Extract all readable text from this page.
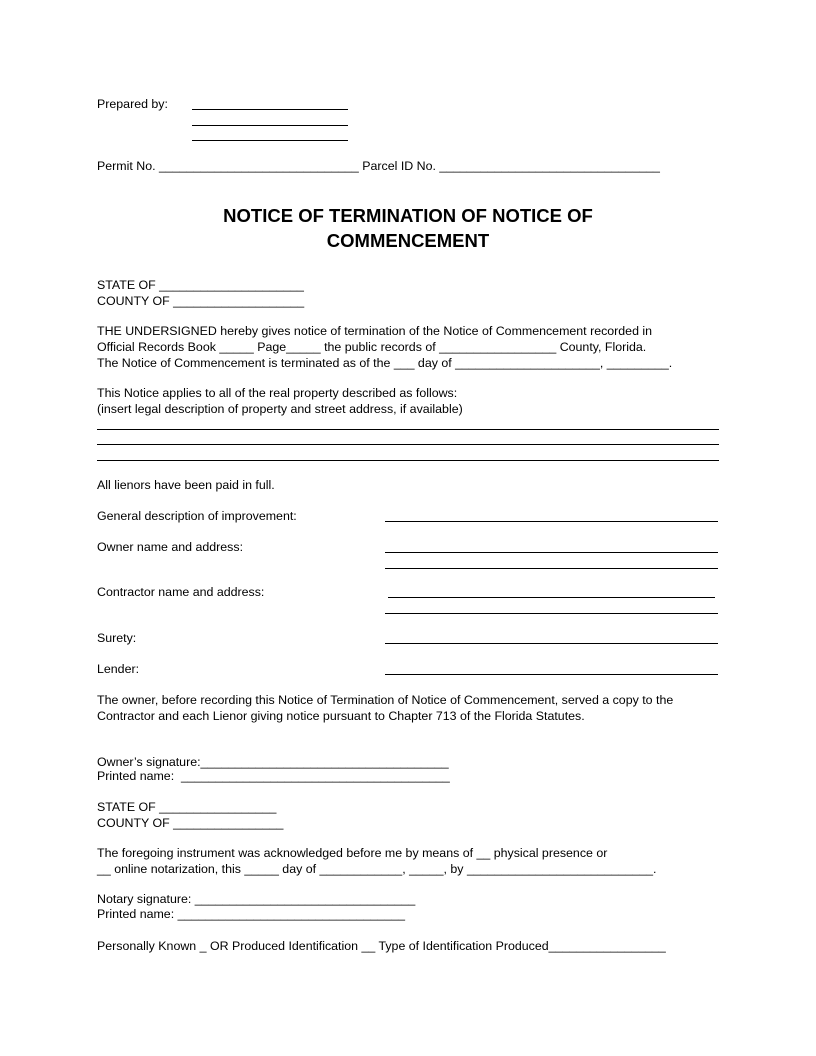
Prepared by:
Permit No. _____________________________ Parcel ID No. ________________________________
NOTICE OF TERMINATION OF NOTICE OF
COMMENCEMENT
STATE OF _____________________
COUNTY OF ___________________
THE UNDERSIGNED hereby gives notice of termination of the Notice of Commencement recorded in
Official Records Book _____ Page_____ the public records of _________________ County, Florida.
The Notice of Commencement is terminated as of the ___ day of _____________________, _________.
This Notice applies to all of the real property described as follows:
(insert legal description of property and street address, if available)
All lienors have been paid in full.
General description of improvement:
Owner name and address:
Contractor name and address:
Surety:
Lender:
The owner, before recording this Notice of Termination of Notice of Commencement, served a copy to the
Contractor and each Lienor giving notice pursuant to Chapter 713 of the Florida Statutes.
Owner’s signature:____________________________________
Printed name:  _______________________________________
STATE OF _________________
COUNTY OF ________________
The foregoing instrument was acknowledged before me by means of __ physical presence or
__ online notarization, this _____ day of ____________, _____, by ___________________________.
Notary signature: ________________________________
Printed name: _________________________________
Personally Known _ OR Produced Identification __ Type of Identification Produced_________________
